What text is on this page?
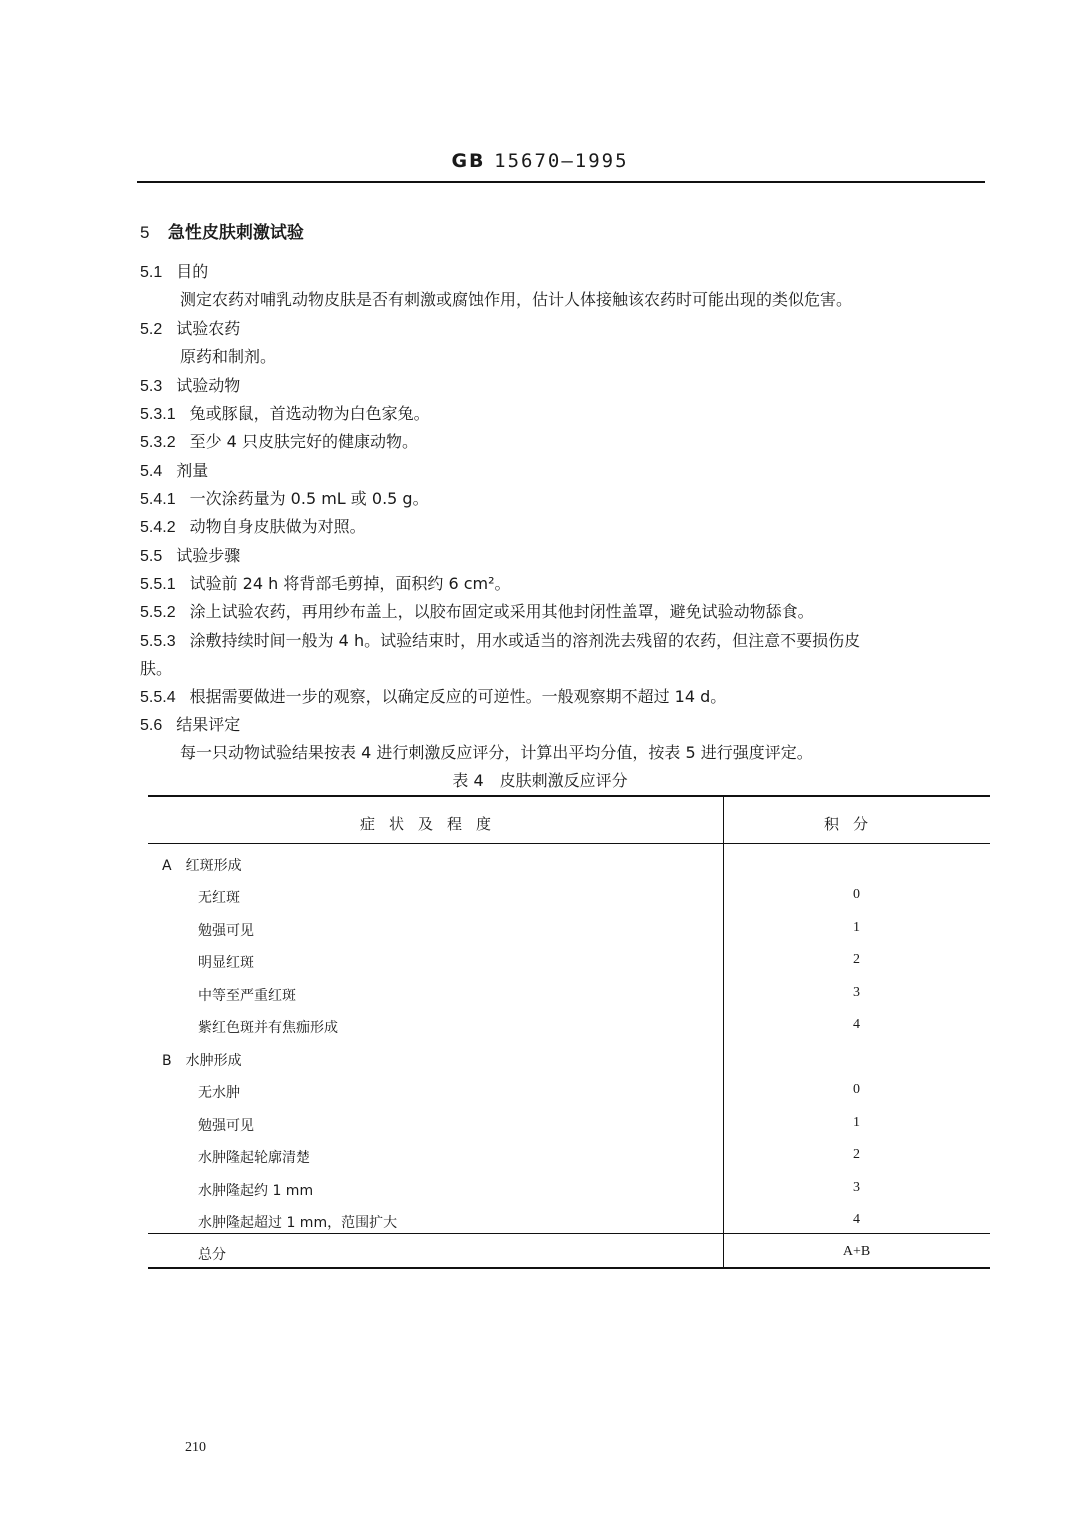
GB 15670—1995
5 急性皮肤刺激试验
5.1 目的
测定农药对哺乳动物皮肤是否有刺激或腐蚀作用，估计人体接触该农药时可能出现的类似危害。
5.2 试验农药
原药和制剂。
5.3 试验动物
5.3.1 兔或豚鼠，首选动物为白色家兔。
5.3.2 至少 4 只皮肤完好的健康动物。
5.4 剂量
5.4.1 一次涂药量为 0.5 mL 或 0.5 g。
5.4.2 动物自身皮肤做为对照。
5.5 试验步骤
5.5.1 试验前 24 h 将背部毛剪掉，面积约 6 cm²。
5.5.2 涂上试验农药，再用纱布盖上，以胶布固定或采用其他封闭性盖罩，避免试验动物舔食。
5.5.3 涂敷持续时间一般为 4 h。试验结束时，用水或适当的溶剂洗去残留的农药，但注意不要损伤皮
肤。
5.5.4 根据需要做进一步的观察，以确定反应的可逆性。一般观察期不超过 14 d。
5.6 结果评定
每一只动物试验结果按表 4 进行刺激反应评分，计算出平均分值，按表 5 进行强度评定。
表 4　皮肤刺激反应评分
症状及程度	积分
A　红斑形成
无红斑	0
勉强可见	1
明显红斑	2
中等至严重红斑	3
紫红色斑并有焦痂形成	4
B　水肿形成
无水肿	0
勉强可见	1
水肿隆起轮廓清楚	2
水肿隆起约 1 mm	3
水肿隆起超过 1 mm，范围扩大	4
总分	A+B
210
